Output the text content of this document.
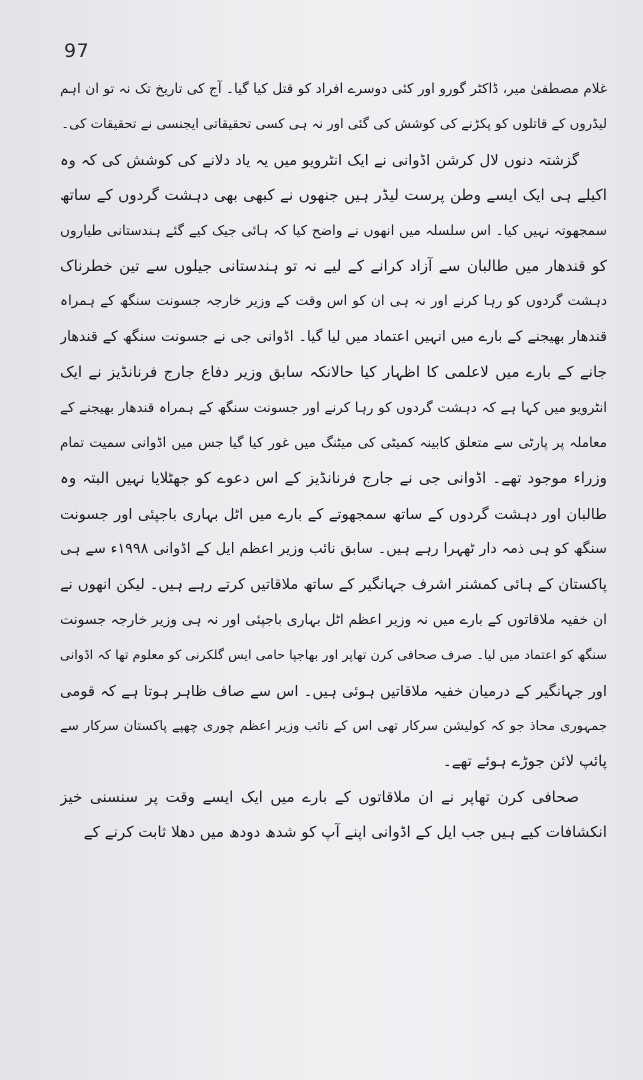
97
غلام مصطفیٰ میر، ڈاکٹر گورو اور کئی دوسرے افراد کو قتل کیا گیا۔ آج کی تاریخ تک نہ تو ان اہم
لیڈروں کے قاتلوں کو پکڑنے کی کوشش کی گئی اور نہ ہی کسی تحقیقاتی ایجنسی نے تحقیقات کی۔
گزشتہ دنوں لال کرشن اڈوانی نے ایک انٹرویو میں یہ یاد دلانے کی کوشش کی کہ وہ
اکیلے ہی ایک ایسے وطن پرست لیڈر ہیں جنھوں نے کبھی بھی دہشت گردوں کے ساتھ
سمجھوتہ نہیں کیا۔ اس سلسلہ میں انھوں نے واضح کیا کہ ہائی جیک کیے گئے ہندستانی طیاروں
کو قندھار میں طالبان سے آزاد کرانے کے لیے نہ تو ہندستانی جیلوں سے تین خطرناک
دہشت گردوں کو رہا کرنے اور نہ ہی ان کو اس وقت کے وزیر خارجہ جسونت سنگھ کے ہمراہ
قندھار بھیجنے کے بارے میں انہیں اعتماد میں لیا گیا۔ اڈوانی جی نے جسونت سنگھ کے قندھار
جانے کے بارے میں لاعلمی کا اظہار کیا حالانکہ سابق وزیر دفاع جارج فرنانڈیز نے ایک
انٹرویو میں کہا ہے کہ دہشت گردوں کو رہا کرنے اور جسونت سنگھ کے ہمراہ قندھار بھیجنے کے
معاملہ پر پارٹی سے متعلق کابینہ کمیٹی کی میٹنگ میں غور کیا گیا جس میں اڈوانی سمیت تمام
وزراء موجود تھے۔ اڈوانی جی نے جارج فرنانڈیز کے اس دعوے کو جھٹلایا نہیں البتہ وہ
طالبان اور دہشت گردوں کے ساتھ سمجھوتے کے بارے میں اٹل بہاری باجپئی اور جسونت
سنگھ کو ہی ذمہ دار ٹھہرا رہے ہیں۔ سابق نائب وزیر اعظم ایل کے اڈوانی ۱۹۹۸ء سے ہی
پاکستان کے ہائی کمشنر اشرف جہانگیر کے ساتھ ملاقاتیں کرتے رہے ہیں۔ لیکن انھوں نے
ان خفیہ ملاقاتوں کے بارے میں نہ وزیر اعظم اٹل بہاری باجپئی اور نہ ہی وزیر خارجہ جسونت
سنگھ کو اعتماد میں لیا۔ صرف صحافی کرن تھاپر اور بھاجپا حامی ایس گلکرنی کو معلوم تھا کہ اڈوانی
اور جہانگیر کے درمیان خفیہ ملاقاتیں ہوئی ہیں۔ اس سے صاف ظاہر ہوتا ہے کہ قومی
جمہوری محاذ جو کہ کولیشن سرکار تھی اس کے نائب وزیر اعظم چوری چھپے پاکستان سرکار سے
پائپ لائن جوڑے ہوئے تھے۔
صحافی کرن تھاپر نے ان ملاقاتوں کے بارے میں ایک ایسے وقت پر سنسنی خیز
انکشافات کیے ہیں جب ایل کے اڈوانی اپنے آپ کو شدھ دودھ میں دھلا ثابت کرنے کے
